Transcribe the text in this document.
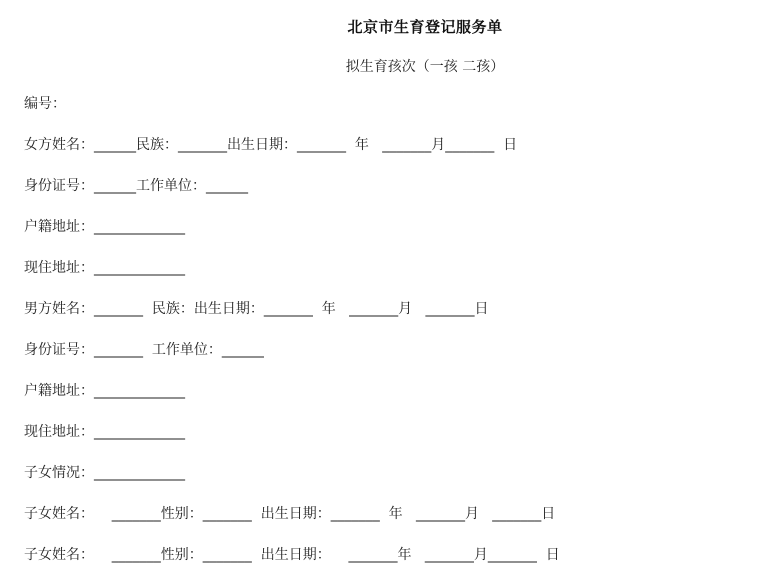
北京市生育登记服务单
拟生育孩次（一孩 二孩）
编号：
女方姓名：______民族：_______出生日期：_______  年   _______月_______  日
身份证号：______工作单位：______
户籍地址：_____________
现住地址：_____________
男方姓名：_______  民族：出生日期：_______  年   _______月   _______日
身份证号：_______  工作单位：______
户籍地址：_____________
现住地址：_____________
子女情况：_____________
子女姓名：    _______性别：_______  出生日期：_______  年   _______月   _______日
子女姓名：    _______性别：_______  出生日期：    _______年   _______月_______  日
